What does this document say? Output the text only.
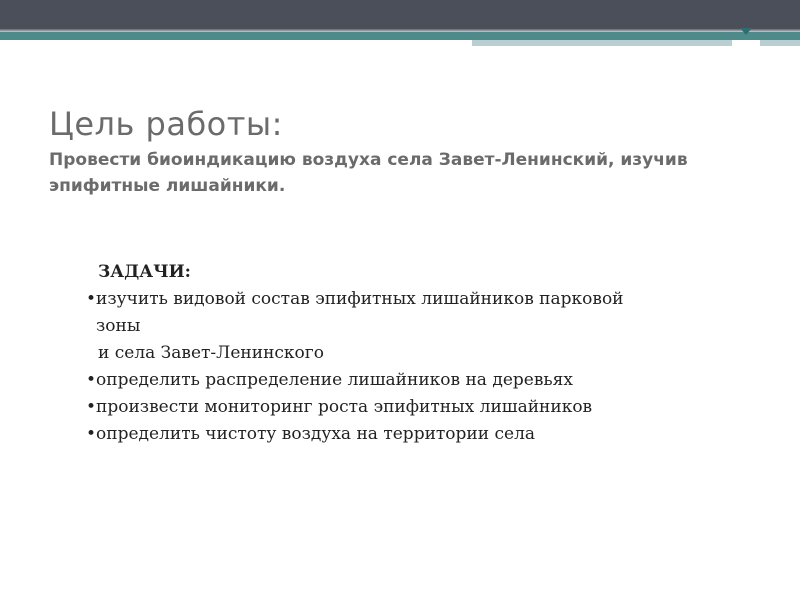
Цель работы:

Провести биоиндикацию воздуха села Завет-Ленинский, изучив эпифитные лишайники.

ЗАДАЧИ:
•изучить видовой состав эпифитных лишайников парковой
зоны
и села Завет-Ленинского
•определить распределение лишайников на деревьях
•произвести мониторинг роста эпифитных лишайников
•определить чистоту воздуха на территории села
